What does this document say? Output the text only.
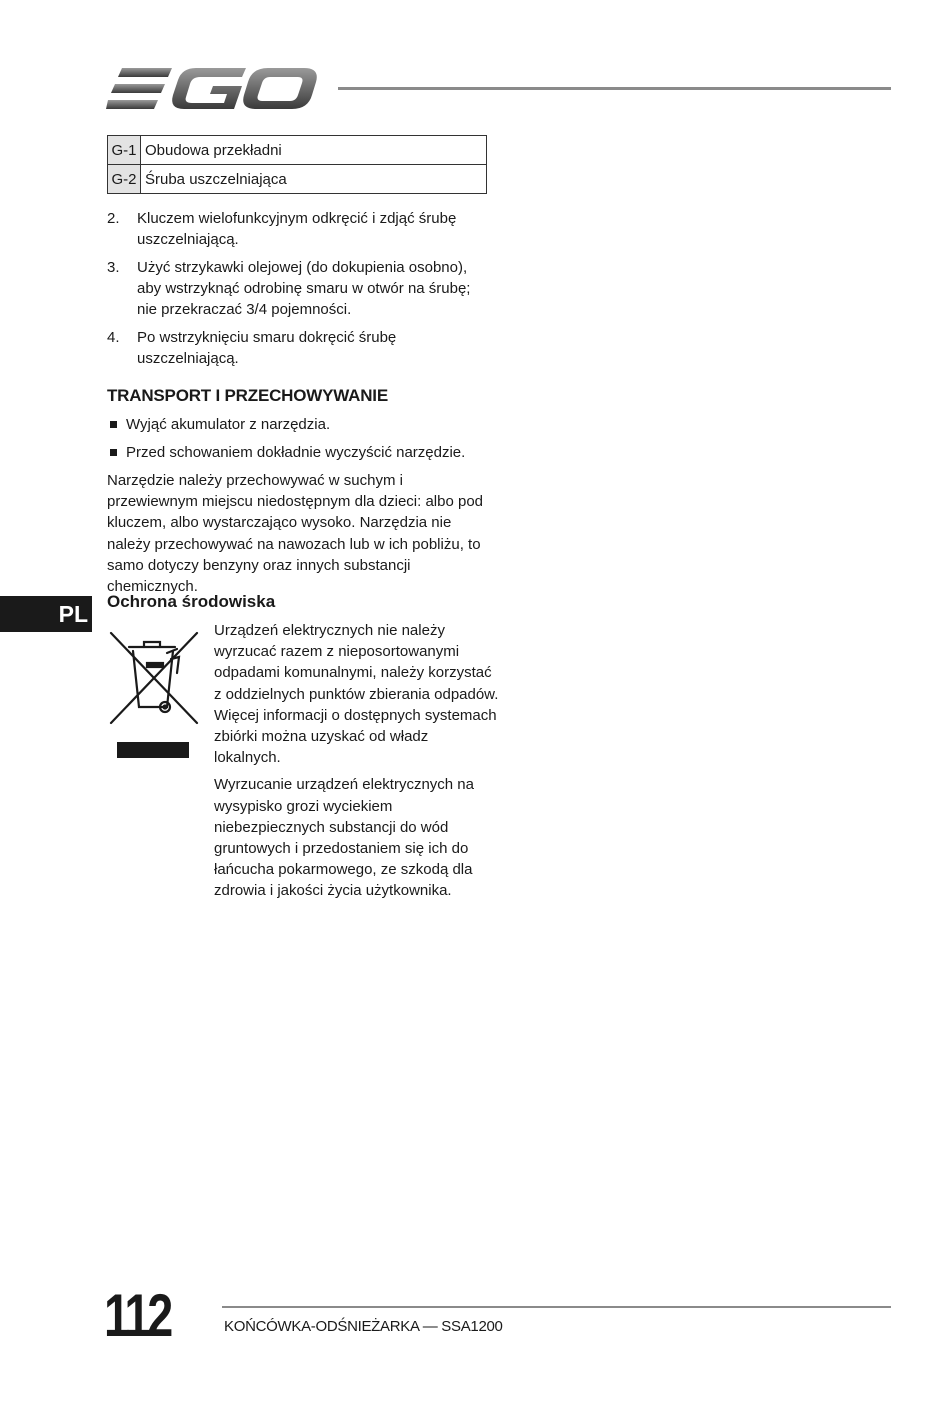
G-1	Obudowa przekładni
G-2	Śruba uszczelniająca
2. Kluczem wielofunkcyjnym odkręcić i zdjąć śrubę uszczelniającą.
3. Użyć strzykawki olejowej (do dokupienia osobno), aby wstrzyknąć odrobinę smaru w otwór na śrubę; nie przekraczać 3/4 pojemności.
4. Po wstrzyknięciu smaru dokręcić śrubę uszczelniającą.
TRANSPORT I PRZECHOWYWANIE
Wyjąć akumulator z narzędzia.
Przed schowaniem dokładnie wyczyścić narzędzie.

Narzędzie należy przechowywać w suchym i przewiewnym miejscu niedostępnym dla dzieci: albo pod kluczem, albo wystarczająco wysoko. Narzędzia nie należy przechowywać na nawozach lub w ich pobliżu, to samo dotyczy benzyny oraz innych substancji chemicznych.

PL Ochrona środowiska

Urządzeń elektrycznych nie należy wyrzucać razem z nieposortowanymi odpadami komunalnymi, należy korzystać z oddzielnych punktów zbierania odpadów. Więcej informacji o dostępnych systemach zbiórki można uzyskać od władz lokalnych.

Wyrzucanie urządzeń elektrycznych na wysypisko grozi wyciekiem niebezpiecznych substancji do wód gruntowych i przedostaniem się ich do łańcucha pokarmowego, ze szkodą dla zdrowia i jakości życia użytkownika.

112	KOŃCÓWKA-ODŚNIEŻARKA — SSA1200
